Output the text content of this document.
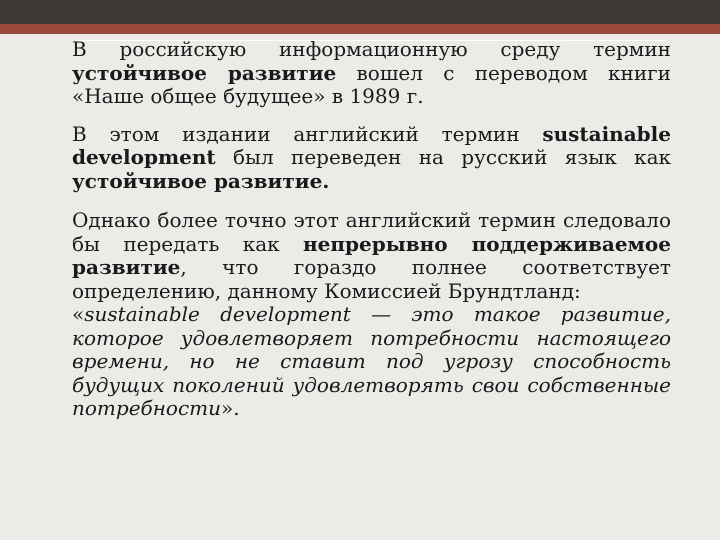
В российскую информационную среду термин устойчивое развитие вошел с переводом книги «Наше общее будущее» в 1989 г.

В этом издании английский термин sustainable development был переведен на русский язык как устойчивое развитие.

Однако более точно этот английский термин следовало бы передать как непрерывно поддерживаемое развитие, что гораздо полнее соответствует определению, данному Комиссией Брундтланд:

«sustainable development — это такое развитие, которое удовлетворяет потребности настоящего времени, но не ставит под угрозу способность будущих поколений удовлетворять свои собственные потребности».
